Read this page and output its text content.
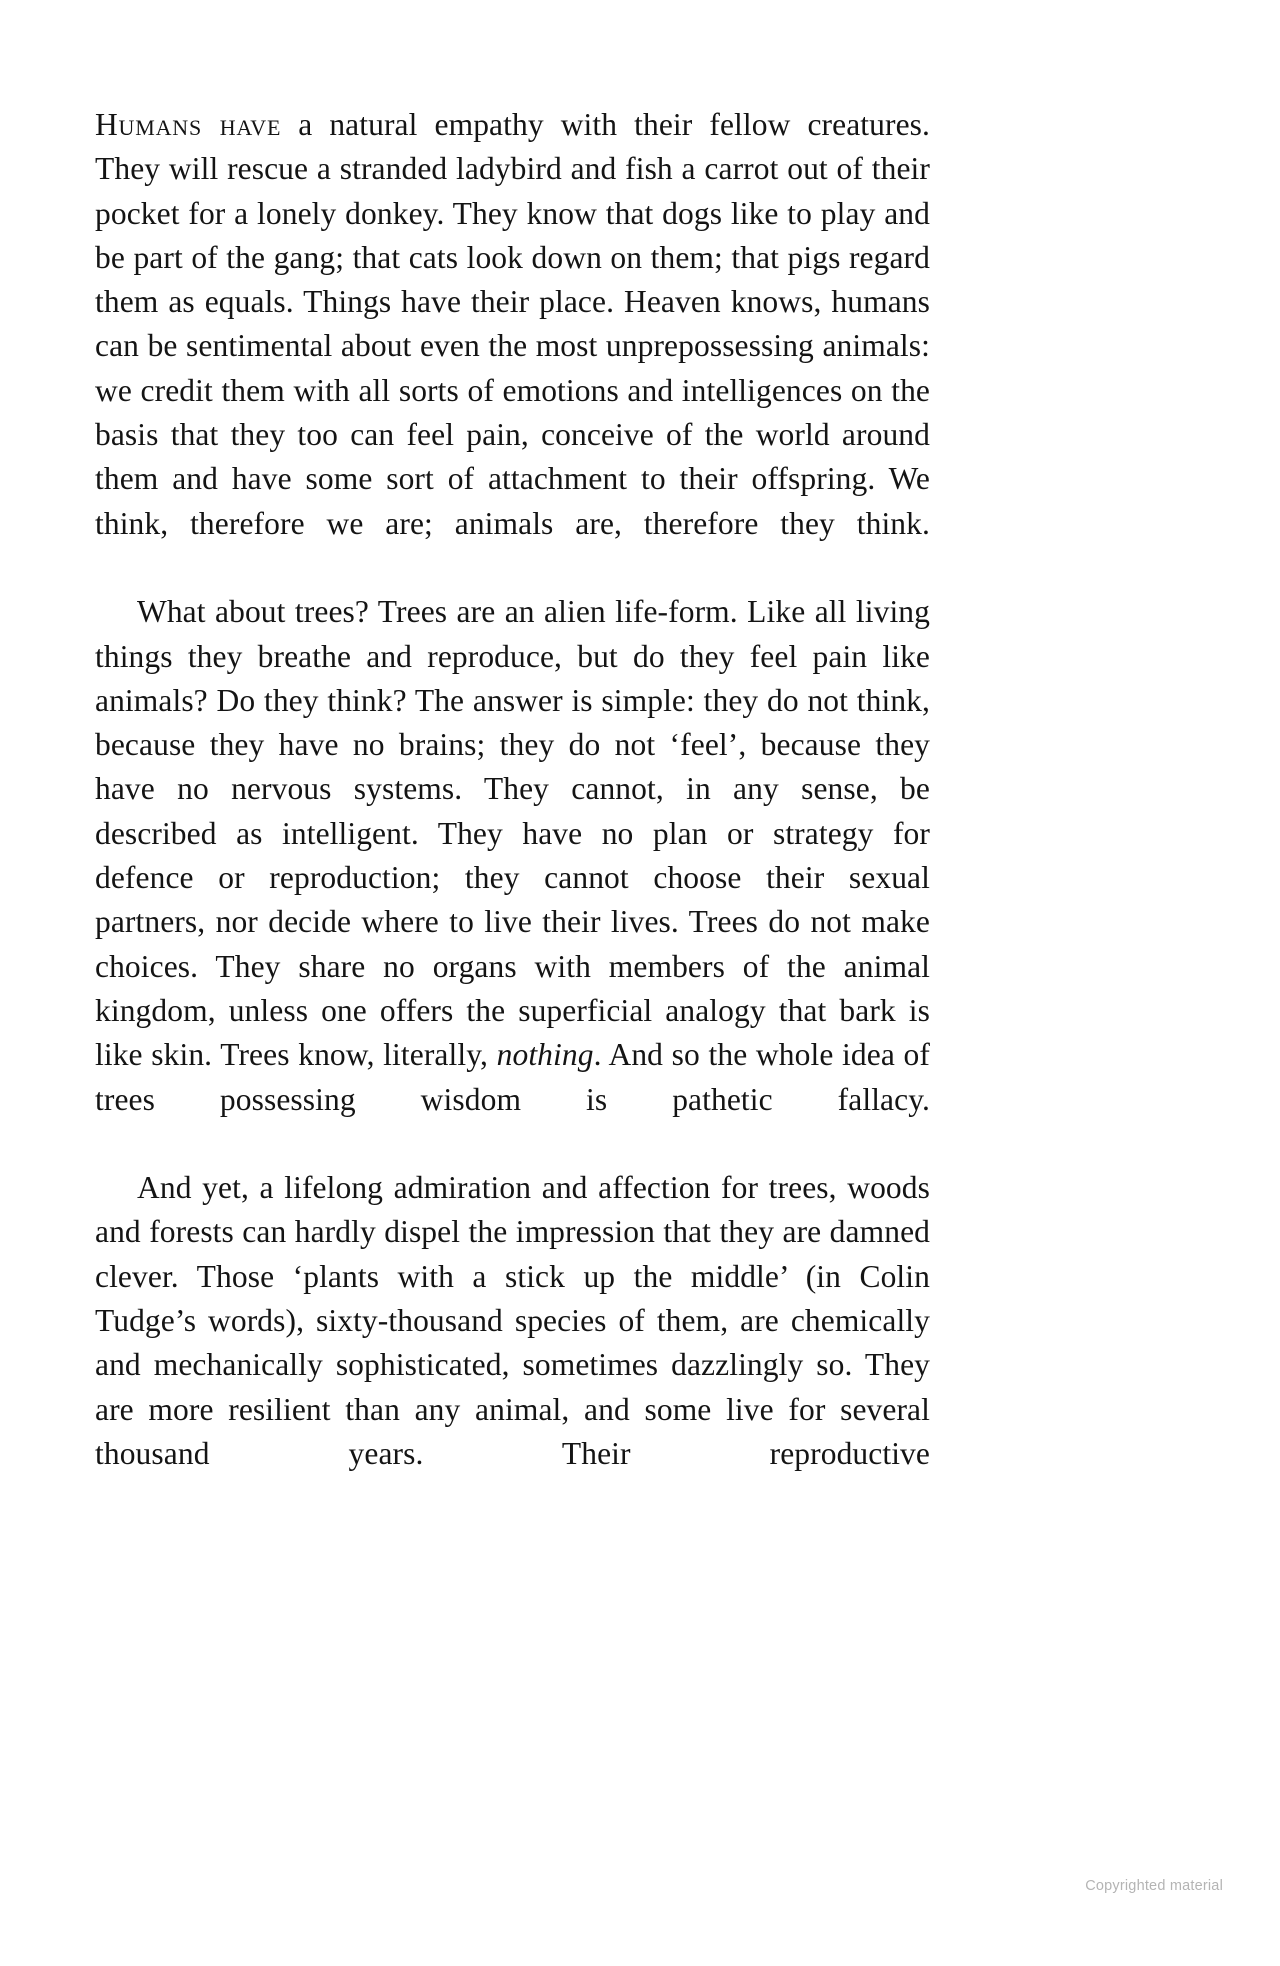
Humans have a natural empathy with their fellow creatures. They will rescue a stranded ladybird and fish a carrot out of their pocket for a lonely donkey. They know that dogs like to play and be part of the gang; that cats look down on them; that pigs regard them as equals. Things have their place. Heaven knows, humans can be sentimental about even the most unprepossessing animals: we credit them with all sorts of emotions and intelligences on the basis that they too can feel pain, conceive of the world around them and have some sort of attachment to their offspring. We think, therefore we are; animals are, therefore they think.

What about trees? Trees are an alien life-form. Like all living things they breathe and reproduce, but do they feel pain like animals? Do they think? The answer is simple: they do not think, because they have no brains; they do not ‘feel’, because they have no nervous systems. They cannot, in any sense, be described as intelligent. They have no plan or strategy for defence or reproduction; they cannot choose their sexual partners, nor decide where to live their lives. Trees do not make choices. They share no organs with members of the animal kingdom, unless one offers the superficial analogy that bark is like skin. Trees know, literally, nothing. And so the whole idea of trees possessing wisdom is pathetic fallacy.

And yet, a lifelong admiration and affection for trees, woods and forests can hardly dispel the impression that they are damned clever. Those ‘plants with a stick up the middle’ (in Colin Tudge’s words), sixty-thousand species of them, are chemically and mechanically sophisticated, sometimes dazzlingly so. They are more resilient than any animal, and some live for several thousand years. Their reproductive

Copyrighted material
